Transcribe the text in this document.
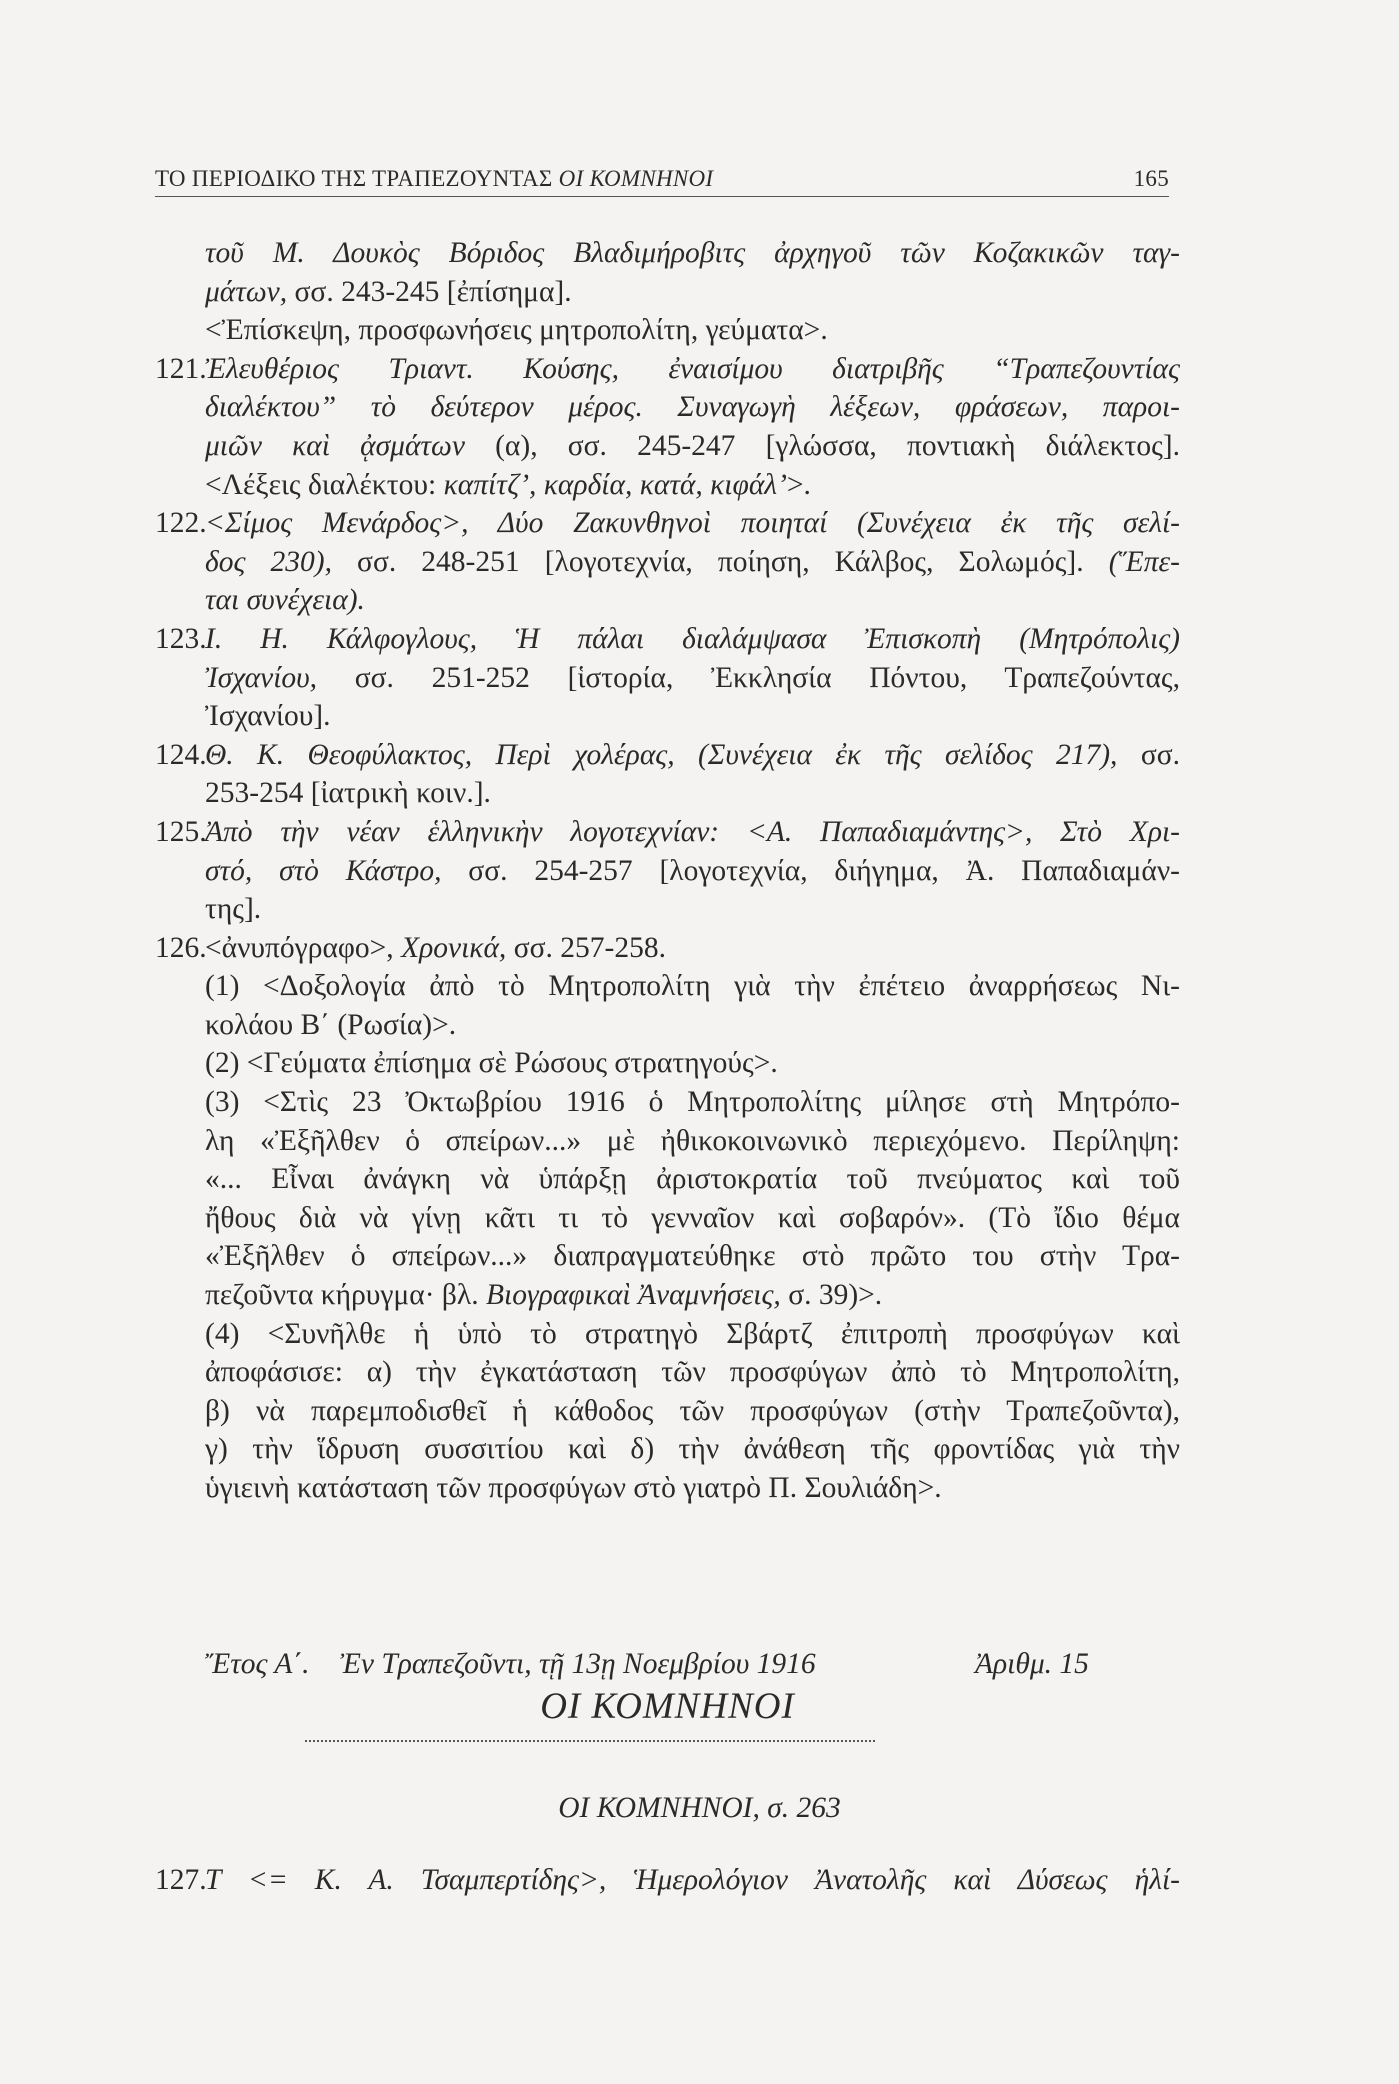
ΤΟ ΠΕΡΙΟΔΙΚΟ ΤΗΣ ΤΡΑΠΕΖΟΥΝΤΑΣ ΟΙ ΚΟΜΝΗΝΟΙ	165
τοῦ Μ. Δουκὸς Βόριδος Βλαδιμήροβιτς ἀρχηγοῦ τῶν Κοζακικῶν ταγ-
μάτων, σσ. 243-245 [ἐπίσημα].
<Ἐπίσκεψη, προσφωνήσεις μητροπολίτη, γεύματα>.
121.
Ἐλευθέριος Τριαντ. Κούσης, ἐναισίμου διατριβῆς “Τραπεζουντίας
διαλέκτου” τὸ δεύτερον μέρος. Συναγωγὴ λέξεων, φράσεων, παροι-
μιῶν καὶ ᾀσμάτων (α), σσ. 245-247 [γλώσσα, ποντιακὴ διάλεκτος].
<Λέξεις διαλέκτου: καπίτζ’, καρδία, κατά, κιφάλ’>.
122.
<Σίμος Μενάρδος>, Δύο Ζακυνθηνοὶ ποιηταί (Συνέχεια ἐκ τῆς σελί-
δος 230), σσ. 248-251 [λογοτεχνία, ποίηση, Κάλβος, Σολωμός]. (Ἕπε-
ται συνέχεια).
123.
Ι. Η. Κάλφογλους, Ἡ πάλαι διαλάμψασα Ἐπισκοπὴ (Μητρόπολις)
Ἰσχανίου, σσ. 251-252 [ἱστορία, Ἐκκλησία Πόντου, Τραπεζούντας,
Ἰσχανίου].
124.
Θ. Κ. Θεοφύλακτος, Περὶ χολέρας, (Συνέχεια ἐκ τῆς σελίδος 217), σσ.
253-254 [ἰατρικὴ κοιν.].
125.
Ἀπὸ τὴν νέαν ἑλληνικὴν λογοτεχνίαν: <Α. Παπαδιαμάντης>, Στὸ Χρι-
στό, στὸ Κάστρο, σσ. 254-257 [λογοτεχνία, διήγημα, Ἀ. Παπαδιαμάν-
της].
126.
<ἀνυπόγραφο>, Χρονικά, σσ. 257-258.
(1) <Δοξολογία ἀπὸ τὸ Μητροπολίτη γιὰ τὴν ἐπέτειο ἀναρρήσεως Νι-
κολάου Β΄ (Ρωσία)>.
(2) <Γεύματα ἐπίσημα σὲ Ρώσους στρατηγούς>.
(3) <Στὶς 23 Ὀκτωβρίου 1916 ὁ Μητροπολίτης μίλησε στὴ Μητρόπο-
λη «Ἐξῆλθεν ὁ σπείρων...» μὲ ἠθικοκοινωνικὸ περιεχόμενο. Περίληψη:
«... Εἶναι ἀνάγκη νὰ ὑπάρξῃ ἀριστοκρατία τοῦ πνεύματος καὶ τοῦ
ἤθους διὰ νὰ γίνῃ κᾶτι τι τὸ γενναῖον καὶ σοβαρόν». (Τὸ ἴδιο θέμα
«Ἐξῆλθεν ὁ σπείρων...» διαπραγματεύθηκε στὸ πρῶτο του στὴν Τρα-
πεζοῦντα κήρυγμα· βλ. Βιογραφικαὶ Ἀναμνήσεις, σ. 39)>.
(4) <Συνῆλθε ἡ ὑπὸ τὸ στρατηγὸ Σβάρτζ ἐπιτροπὴ προσφύγων καὶ
ἀποφάσισε: α) τὴν ἐγκατάσταση τῶν προσφύγων ἀπὸ τὸ Μητροπολίτη,
β) νὰ παρεμποδισθεῖ ἡ κάθοδος τῶν προσφύγων (στὴν Τραπεζοῦντα),
γ) τὴν ἵδρυση συσσιτίου καὶ δ) τὴν ἀνάθεση τῆς φροντίδας γιὰ τὴν
ὑγιεινὴ κατάσταση τῶν προσφύγων στὸ γιατρὸ Π. Σουλιάδη>.
Ἔτος Α΄. Ἐν Τραπεζοῦντι, τῇ 13ῃ Νοεμβρίου 1916	Ἀριθμ. 15
ΟΙ ΚΟΜΝΗΝΟΙ
ΟΙ ΚΟΜΝΗΝΟΙ, σ. 263
127.
Τ <= Κ. Α. Τσαμπερτίδης>, Ἡμερολόγιον Ἀνατολῆς καὶ Δύσεως ἡλί-
